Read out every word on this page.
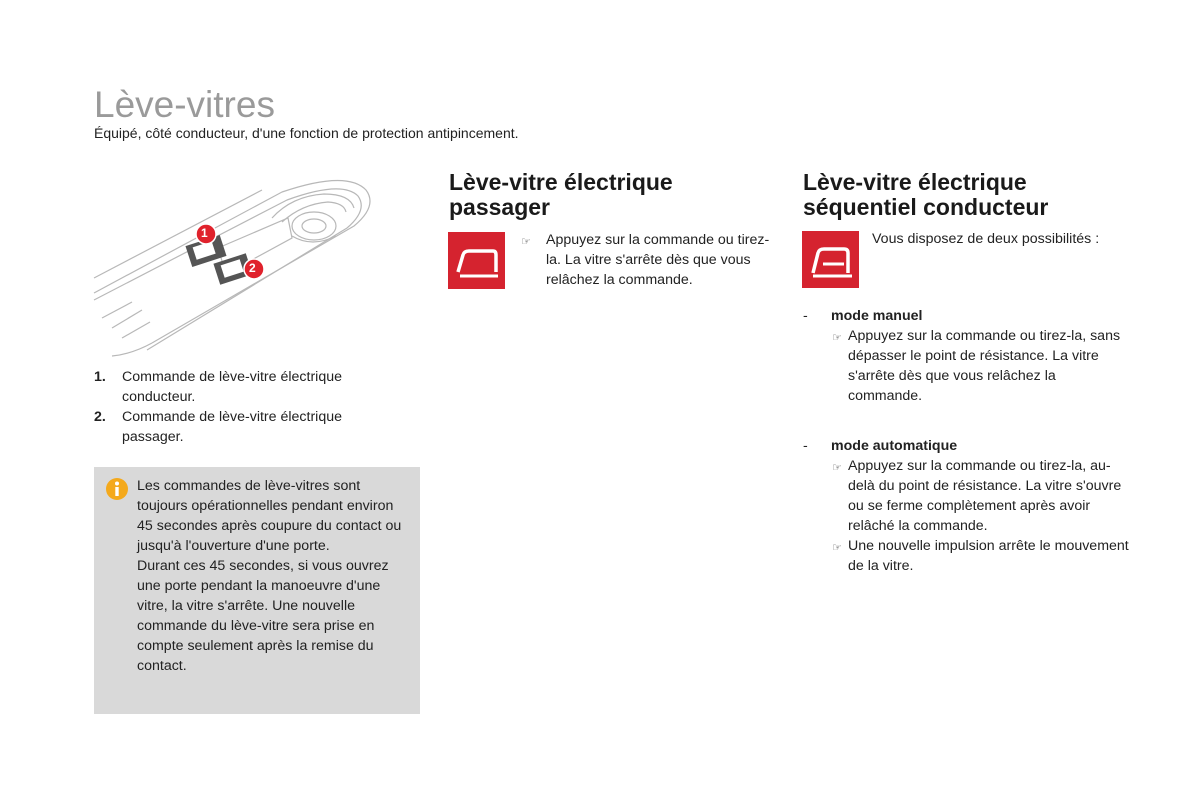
Lève-vitres
Équipé, côté conducteur, d'une fonction de protection antipincement.
1
2
1.	Commande de lève-vitre électrique conducteur.
2.	Commande de lève-vitre électrique passager.
Les commandes de lève-vitres sont toujours opérationnelles pendant environ 45 secondes après coupure du contact ou jusqu'à l'ouverture d'une porte.
Durant ces 45 secondes, si vous ouvrez une porte pendant la manoeuvre d'une vitre, la vitre s'arrête. Une nouvelle commande du lève-vitre sera prise en compte seulement après la remise du contact.
Lève-vitre électrique
passager
☞	Appuyez sur la commande ou tirez-la. La vitre s'arrête dès que vous relâchez la commande.
Lève-vitre électrique
séquentiel conducteur
Vous disposez de deux possibilités :
- mode manuel
☞ Appuyez sur la commande ou tirez-la, sans dépasser le point de résistance. La vitre s'arrête dès que vous relâchez la commande.
- mode automatique
☞ Appuyez sur la commande ou tirez-la, au-delà du point de résistance. La vitre s'ouvre ou se ferme complètement après avoir relâché la commande.
☞ Une nouvelle impulsion arrête le mouvement de la vitre.
